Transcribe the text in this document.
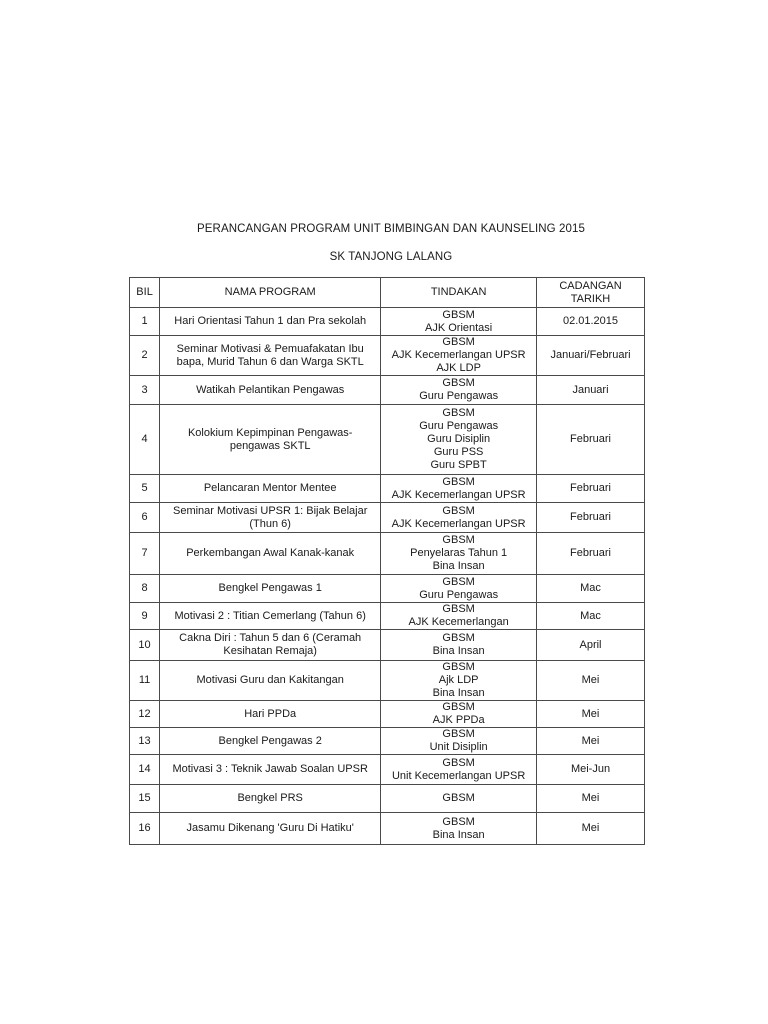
PERANCANGAN PROGRAM UNIT BIMBINGAN DAN KAUNSELING 2015
SK TANJONG LALANG
BIL	NAMA PROGRAM	TINDAKAN	CADANGAN TARIKH
1	Hari Orientasi Tahun 1 dan Pra sekolah	GBSM
AJK Orientasi	02.01.2015
2	Seminar Motivasi & Pemuafakatan Ibu bapa, Murid Tahun 6 dan Warga SKTL	GBSM
AJK Kecemerlangan UPSR
AJK LDP	Januari/Februari
3	Watikah Pelantikan Pengawas	GBSM
Guru Pengawas	Januari
4	Kolokium Kepimpinan Pengawas-pengawas SKTL	GBSM
Guru Pengawas
Guru Disiplin
Guru PSS
Guru SPBT	Februari
5	Pelancaran Mentor Mentee	GBSM
AJK Kecemerlangan UPSR	Februari
6	Seminar Motivasi UPSR 1: Bijak Belajar (Thun 6)	GBSM
AJK Kecemerlangan UPSR	Februari
7	Perkembangan Awal Kanak-kanak	GBSM
Penyelaras Tahun 1
Bina Insan	Februari
8	Bengkel Pengawas 1	GBSM
Guru Pengawas	Mac
9	Motivasi 2 : Titian Cemerlang (Tahun 6)	GBSM
AJK Kecemerlangan	Mac
10	Cakna Diri : Tahun 5 dan 6 (Ceramah Kesihatan Remaja)	GBSM
Bina Insan	April
11	Motivasi Guru dan Kakitangan	GBSM
Ajk LDP
Bina Insan	Mei
12	Hari PPDa	GBSM
AJK PPDa	Mei
13	Bengkel Pengawas 2	GBSM
Unit Disiplin	Mei
14	Motivasi 3 : Teknik Jawab Soalan UPSR	GBSM
Unit Kecemerlangan UPSR	Mei-Jun
15	Bengkel PRS	GBSM	Mei
16	Jasamu Dikenang 'Guru Di Hatiku'	GBSM
Bina Insan	Mei
